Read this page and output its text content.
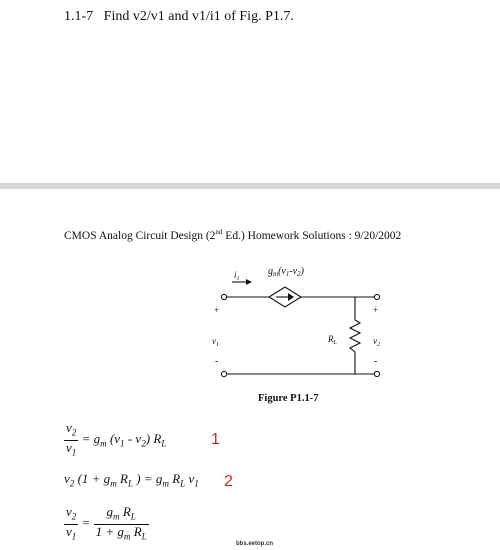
1.1-7 Find v2/v1 and v1/i1 of Fig. P1.7.
CMOS Analog Circuit Design (2nd Ed.) Homework Solutions : 9/20/2002
$g_m(v_1-v_2)$
$i_1$
+
-
$v_1$
+
-
$v_2$
$R_L$
Figure P1.1-7
$\frac{v_2}{v_1} = g_m$ $(v_1 - v_2)$ $R_L$	1
$v_2$ ($1 + g_m$ $R_L$ ) = $g_m$ $R_L$ $v_1$ 2
$\frac{v_2}{v_1} = \frac{g_m R_L}{1 + g_m R_L}$
bbs.eetop.cn
